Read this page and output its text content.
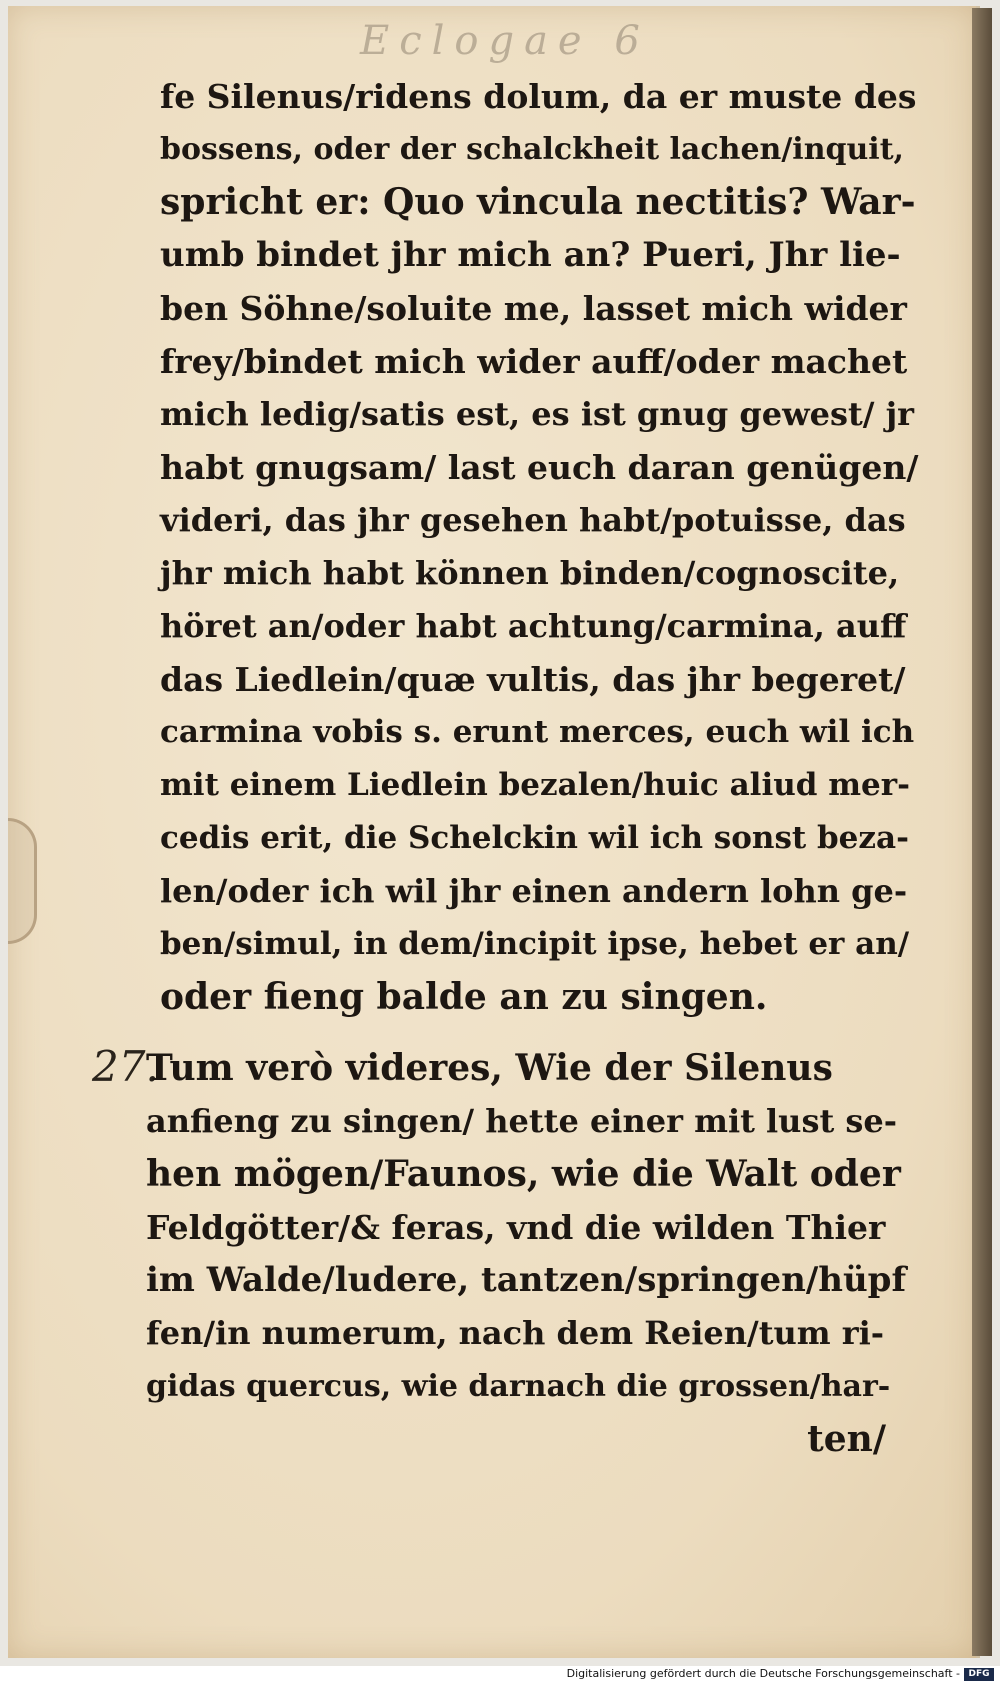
Eclogae 6
fe Silenus/ridens dolum, da er muste des
bossens, oder der schalckheit lachen/inquit,
spricht er: Quo vincula nectitis? War-
umb bindet jhr mich an? Pueri, Jhr lie-
ben Söhne/soluite me, lasset mich wider
frey/bindet mich wider auff/oder machet
mich ledig/satis est, es ist gnug gewest/ jr
habt gnugsam/ last euch daran genügen/
videri, das jhr gesehen habt/potuisse, das
jhr mich habt können binden/cognoscite,
höret an/oder habt achtung/carmina, auff
das Liedlein/quæ vultis, das jhr begeret/
carmina vobis s. erunt merces, euch wil ich
mit einem Liedlein bezalen/huic aliud mer-
cedis erit, die Schelckin wil ich sonst beza-
len/oder ich wil jhr einen andern lohn ge-
ben/simul, in dem/incipit ipse, hebet er an/
oder fieng balde an zu singen.
27.
Tum verò videres, Wie der Silenus
anfieng zu singen/ hette einer mit lust se-
hen mögen/Faunos, wie die Walt oder
Feldgötter/& feras, vnd die wilden Thier
im Walde/ludere, tantzen/springen/hüpf
fen/in numerum, nach dem Reien/tum ri-
gidas quercus, wie darnach die grossen/har-
ten/
Digitalisierung gefördert durch die Deutsche Forschungsgemeinschaft - DFG
